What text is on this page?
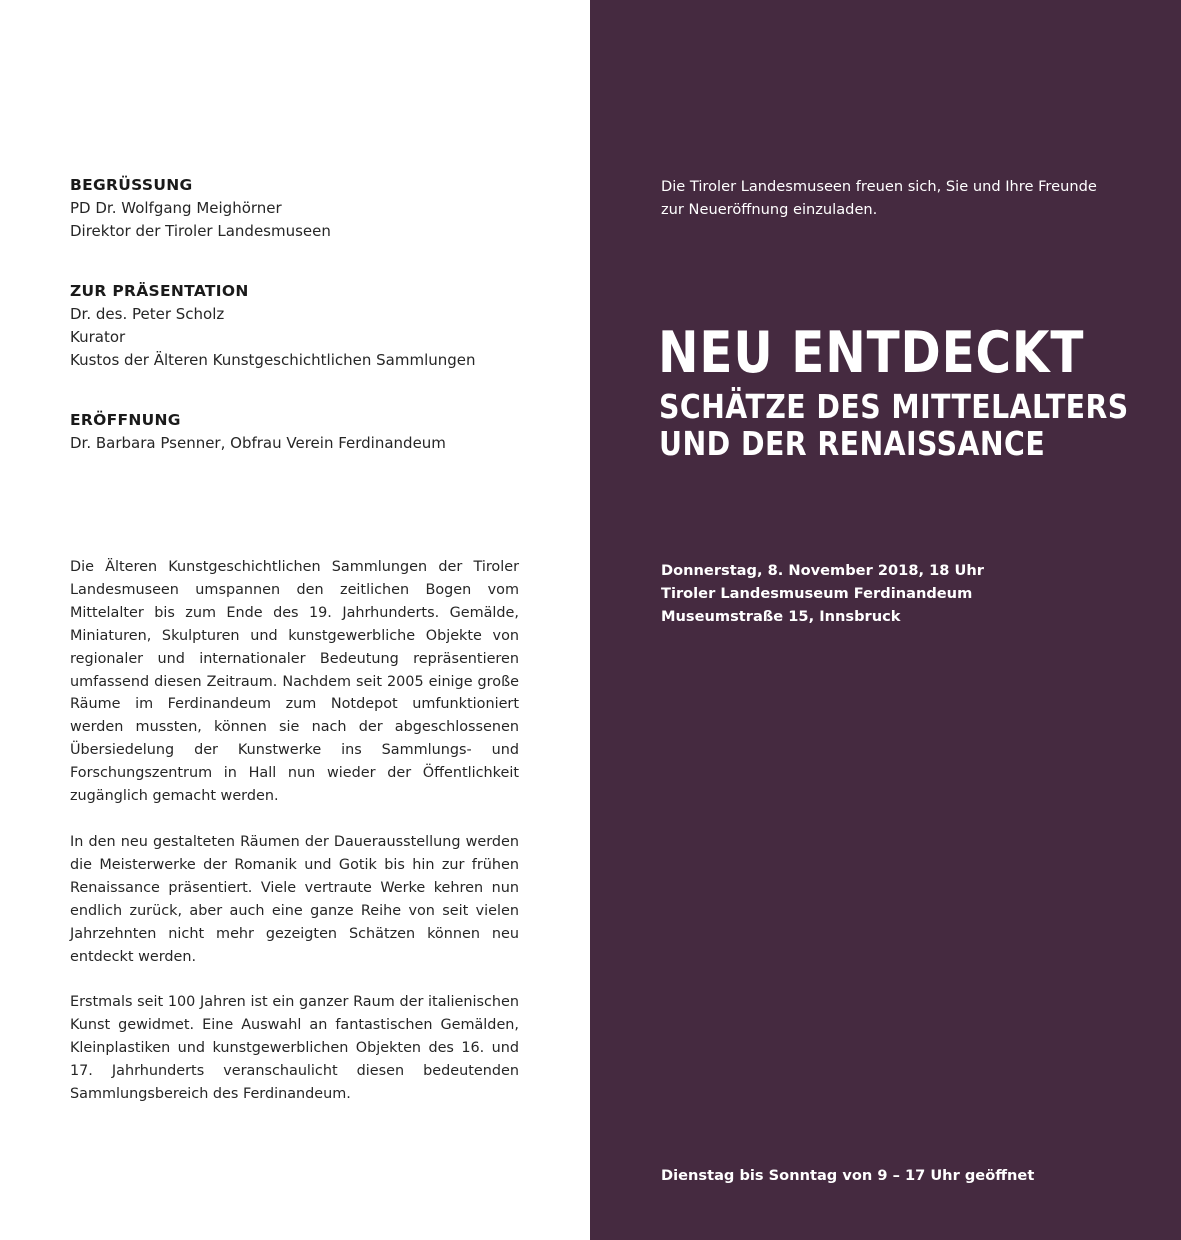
BEGRÜSSUNG
PD Dr. Wolfgang Meighörner
Direktor der Tiroler Landesmuseen
ZUR PRÄSENTATION
Dr. des. Peter Scholz
Kurator
Kustos der Älteren Kunstgeschichtlichen Sammlungen
ERÖFFNUNG
Dr. Barbara Psenner, Obfrau Verein Ferdinandeum

Die Älteren Kunstgeschichtlichen Sammlungen der Tiroler Landesmuseen umspannen den zeitlichen Bogen vom Mittelalter bis zum Ende des 19. Jahrhunderts. Gemälde, Miniaturen, Skulpturen und kunstgewerbliche Objekte von regionaler und internationaler Bedeutung repräsentieren umfassend diesen Zeitraum. Nachdem seit 2005 einige große Räume im Ferdinandeum zum Notdepot umfunktioniert werden mussten, können sie nach der abgeschlossenen Übersiedelung der Kunstwerke ins Sammlungs- und Forschungszentrum in Hall nun wieder der Öffentlichkeit zugänglich gemacht werden.

In den neu gestalteten Räumen der Dauerausstellung werden die Meisterwerke der Romanik und Gotik bis hin zur frühen Renaissance präsentiert. Viele vertraute Werke kehren nun endlich zurück, aber auch eine ganze Reihe von seit vielen Jahrzehnten nicht mehr gezeigten Schätzen können neu entdeckt werden.

Erstmals seit 100 Jahren ist ein ganzer Raum der italienischen Kunst gewidmet. Eine Auswahl an fantastischen Gemälden, Kleinplastiken und kunstgewerblichen Objekten des 16. und 17. Jahrhunderts veranschaulicht diesen bedeutenden Sammlungsbereich des Ferdinandeum.

Die Tiroler Landesmuseen freuen sich, Sie und Ihre Freunde
zur Neueröffnung einzuladen.
NEU ENTDECKT
SCHÄTZE DES MITTELALTERS
UND DER RENAISSANCE
Donnerstag, 8. November 2018, 18 Uhr
Tiroler Landesmuseum Ferdinandeum
Museumstraße 15, Innsbruck
Dienstag bis Sonntag von 9 – 17 Uhr geöffnet
